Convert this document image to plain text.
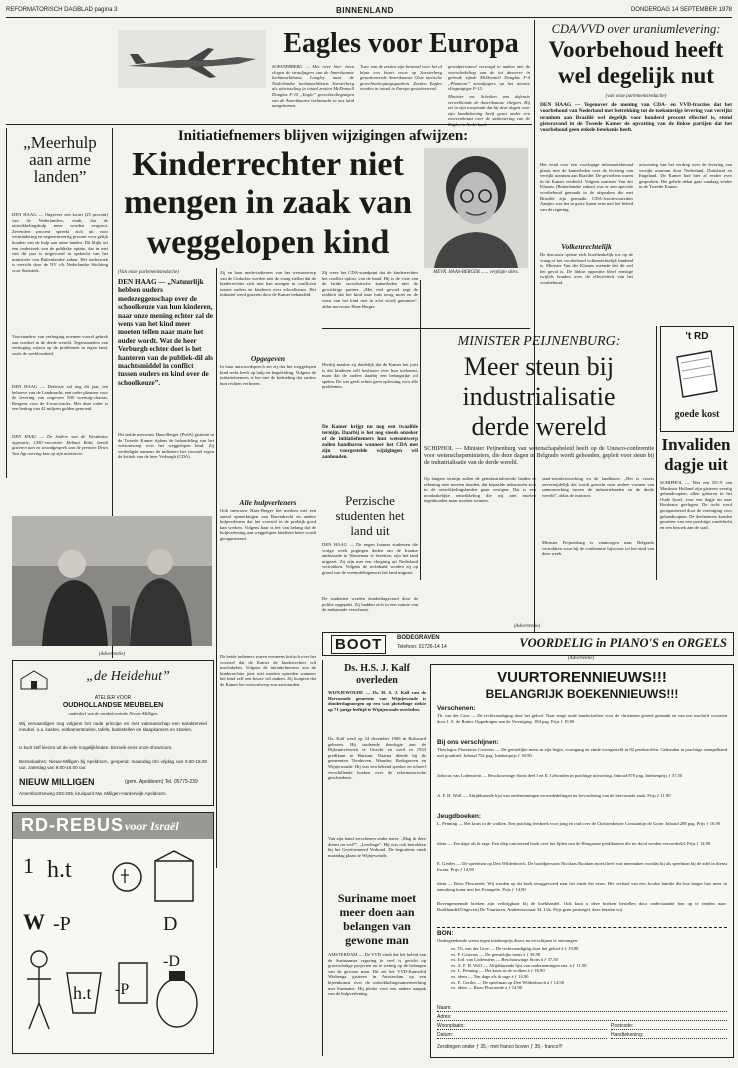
REFORMATORISCH DAGBLAD pagina 3	BINNENLAND	DONDERDAG 14 SEPTEMBER 1978
Eagles voor Europa
SOESTERBERG — Met twee hier- heen vlogen de straaljagers van de Amerikaanse luchtmachtbasis Langley naar de Nederlandse luchtmachtbasis Soesterberg als uitwisseling in totaal zestien McDonnell Douglas F-15 „Eagle” gevechtsvliegtuigen van de Amerikaanse luchtmacht in ons land aangekomen.
Twee van de zestien zijn bestemd voor het al bijna een kwart eeuw op Soesterberg gestationeerde Amerikaanse 32ste tactische gevechtsvliegtuigsquadron. Zestien Eagles worden in totaal in Europa gestationeerd.
grondpersoneel verzorgd te maken met de overschakeling van de tot dusverre in gebruik zijnde McDonnell Douglas F-4 „Phantom” straaljagers op het nieuwe vliegtuigtype F-15.
Minister mr. Scholten van defensie verwelkomde de Amerikaanse vliegers. Hij zei in zijn toespraak dat hij deze dagen voor zijn handtekening heeft gezet onder een overeenkomst over de stationering van de
CDA/VVD over uraniumlevering:
Voorbehoud heeft
wel degelijk nut
(van onze parlementsredactie)
DEN HAAG — Tegenover de mening van CDA- en VVD-fracties dat het voorbehoud van Nederland met betrekking tot de toekomstige levering van verrijkt uranium aan Brazilië wel degelijk voor honderd procent effectief is, stond gisteravond in de Tweede Kamer de opvatting van de linkse partijen dat het voorbehoud geen enkele betekenis heeft.
Het vond voor een voorlopige informatieberaad plaats met de kamerleden over de levering van verrijkt uranium aan Brazilië. De gevoelens waren in de Kamer verdeeld. Volgens minister Van der Klaauw (Buitenlandse zaken) was er een speciale voorbehoud gemaakt in de afspraken die met Brazilië zijn gemaakt. CDA-fractievoorzitter Aantjes was het in grote lijnen eens met het beleid van de regering.
Volkenrechtelijk
De discussie spitste zich hoofdzakelijk toe op de vraag of het voorbehoud volkenrechtelijk bindend is. Minister Van der Klaauw meende dat dit wel het geval is. De linkse oppositie bleef ernstige twijfels houden over de effectiviteit van het voorbehoud.
uitvoering van het verdrag over de levering van verrijkt uranium door Nederland, Duitsland en Engeland. De Kamer had hier al eerder over gesproken. Het gehele debat gaat vandaag verder in de Tweede Kamer.
„Meerhulp aan arme landen”
DEN HAAG — Ongeveer een kwart (25 procent) van de Nederlanders, vindt, dat de ontwikkelingshulp meer worden vergroot. Zeventien procent spreekt zich uit voor vermindering en negenenveertig procent voor gelijk houden van de hulp aan arme landen. Dit blijkt uit een onderzoek van de publieke opinie, dat in mei van dit jaar is uitgevoerd in opdracht van het ministerie van Buitenlandse zaken. Het onderzoek is verricht door de NV v/h Nederlandse Stichting voor Statistiek.
Voorstanders van verhoging noemen vooral gebrek aan voedsel in de derde wereld. Tegenstanders van verhoging wijzen op de problemen in eigen land, zoals de werkloosheid.
DEN HAAG — Defensie zal nog dit jaar, ten behoeve van de Landmacht, een order plaatsen voor de levering van ongeveer 500 voertuig-chassis. Reagens voor de 4-tons-trucks. Met deze order is een bedrag van 42 miljoen gulden gemoeid.
DEN HAAG — De leiders van de Westduitse oppositie, CDU-voorzitter Helmut Kohl, breidt gisteren aan en avondgesprek aan de premier Dries Van Agt ooreing kon op zijn ministerie.
Initiatiefnemers blijven wijzigingen afwijzen:
Kinderrechter niet
mengen in zaak van
weggelopen kind
(Van onze parlementsredactie)
DEN HAAG — „Natuurlijk hebben ouders medezeggenschap over de schoolkeuze van hun kinderen, naar onze mening echter zal de wens van het kind meer moeten tellen naar mate het ouder wordt. Wat de heer Verburgh echter doet is het hanteren van de publiek-dil als machtsmiddel in conflict tussen ouders en kind over de schoolkeuze”.
Dit stelde mevrouw Haas-Berger (PvdA) gisteren in de Tweede Kamer tijdens de behandeling van het wetsontwerp over het weggelopen kind. Zij verdedigde namens de indieners het voorstel tegen de kritiek van de heer Verburgh (CDA).
Zij en haar mede-indieners van het wetsontwerp van de Gedachte werden niet de vraag stellen dat de kinderrechter zich niet kan mengen in conflicten tussen ouders en kinderen over schoolkeuze. Het initiatief werd gisteren door de Kamer behandeld.
Opgegeven
In haar antwoordspeech zei zij dat het weggelopen kind recht heeft op hulp en begeleiding. Volgens de initiatiefnemers is het niet de bedoeling dat ouders hun rechten verliezen.
Zij wees het CDA-standpunt dat de kinderrechter het conflict oplost, van de hand. Hij is de visie van de beide socialistische kamerleden niet de gewichtige partner. „Met veel gevoel zegt de realiteit dat het kind naar huis terug moet en de wens van het kind niet in acht wordt genomen”, aldus mevrouw Haas-Berger.
Hierbij maakte zij duidelijk dat de Kamer het juist is dat kinderen zelf beslissen over hun toekomst, maar dat de ouders daarbij een belangrijke rol spelen. De wet geeft echter geen oplossing voor alle problemen.
De Kamer krijgt nu nog een twaalfde termijn. Daarbij is het nog steeds onzeker of de initiatiefnemers hun wetsontwerp zullen handhaven wanneer het CDA met zijn voorgestelde wijzigingen wil aanhouden.
Alle hulpverleners
Ook mevrouw Haas-Berger liet merken met een aantal opmerkingen van Barendrecht en andere hulpverleners dat het voorstel in de praktijk goed kan werken. Volgens haar is het van belang dat de hulpverlening aan weggelopen kinderen beter wordt georganiseerd.
De beide indieners waren eveneens kritisch over het voorstel dat de Kamer de kinderrechter wil inschakelen. Volgens de initiatiefnemers zou de kinderrechter juist niet moeten optreden wanneer het kind zelf een keuze wil maken. Zij hoopten dat de Kamer het wetsontwerp zou aanvaarden.
MEVR. HAAS-BERGER ...... verpligte stiles.
(Advertentie)
„de Heidehut”
ATELIER VOOR
OUDHOLLANDSE MEUBELEN
onderdeel van de meubelcentrale Nieuw-Milligen
Wij vervaardigen nog volgens het oude principe en met vakmanschap een karakterveel meubel, o.a. kasten, eetkamerstoelen, tafels, bankstellen en slaapkamers en stoelen.
U kunt zelf kiezen uit de vele mogelijkheden. Bezoek eens onze showroom.
Bezoekadres: Nieuw-Milligen bij Apeldoorn, geopend: maandag t/m vrijdag van 9.00-18.00 uur, zaterdag van 9.00-16.00 uur.
NIEUW MILLIGEN	(gem. Apeldoorn) Tel. 05775-239
Amersfoortseweg 203-205, kruispunt Nw. Milligen-Harderwijk-Apeldoorn.
RD-REBUS voor Israël
1 h.t
W -P	D
h.t -P
-D
MINISTER PEIJNENBURG:
Meer steun bij
industrialisatie
derde wereld
SCHIPHOL — Minister Peijnenburg van wetenschapsbeleid heeft op de Unesco-conferentie voor wetenschapsministers, die deze dagen in Belgrado wordt gehouden, gepleit voor steun bij de industrialisatie van de derde wereld.
Op langere termijn zullen de geïndustrialiseerde landen er rekening mee moeten houden, dat bepaalde industrieën zich in de ontwikkelingslanden gaan vestigen. Dat is een noodzakelijke ontwikkeling die wij niet moeten tegenhouden maar moeten steunen.
staal-metalverwerking en de landbouw. „Het is voorts onvermijdelijk dat wordt gezocht naar andere vormen van samenwerking tussen de industrielanden en de derde wereld”, aldus de minister.
Minister Peijnenburg is vanmorgen naar Belgrado vertrokken waar hij de conferentie bijwoont tot het eind van deze week.
Perzische
studenten het
land uit
DEN HAAG — De negen Iraanse studenten die vorige week pogingen deden om de Iraanse ambassade in Wassenaar te bezetten, zijn het land uitgezet. Zij zijn met een vliegtuig uit Nederland vertrokken. Volgens de rechtbank werden zij op grond van de vreemdelingenwet het land uitgezet.
De studenten werden donderdagavond door de politie opgepakt. Zij hadden zich in een ruimte van de ambassade verschanst.
't RD
goede kost
Invaliden
dagje uit
SCHIPHOL — Met een DC-9 van Martinair Holland zijn gisteren veertig gehandicapten, allen geboren in het Oude Ijssel, voor een dagje uit naar Bordeaux gevlogen. De tocht werd georganiseerd door de vereniging voor gehandicapten. De deelnemers konden genieten van een prachtige rondvlucht en een bezoek aan de stad.
(Advertentie)
BOOT	BODEGRAVEN
Telefoon: 01726-14 14	VOORDELIG in PIANO'S en ORGELS
Ds. H.S. J. Kalf
overleden
WIJNJEWOUDE — Ds. H. S. J. Kalf van de Hervormde gemeente van Wijnjewoude is donderdagmorgen op een wat plotselinge ziekte op 71-jarige leeftijd te Wijnjewoude overleden.
Ds. Kalf werd op 24 december 1906 in Bolsward geboren. Hij studeerde theologie aan de Rijksuniversiteit te Utrecht en werd in 1933 predikant te Huizum. Daarna diende hij de gemeenten Tienhoven, Waarder, Bodegraven en Wijnjewoude. Hij was een bekend spreker en schreef verschillende boeken over de reformatorische geschiedenis.
Van zijn hand verschenen onder meer: „Mag ik deze dienst nu wel?”, „Leerlinge”. Hij was ook betrokken bij het Gereformeerd Verbond. De begrafenis vindt maandag plaats te Wijnjewoude.
Suriname moet
meer doen aan
belangen van
gewone man
AMSTERDAM — De VVD vindt dat het beleid van de Surinaamse regering te veel is gericht op grootschalige projecten en te weinig op de belangen van de gewone man. Dit zei het VVD-Kamerlid Wiebenga gisteren in Amsterdam op een bijeenkomst over de ontwikkelingssamenwerking met Suriname. Hij pleitte voor een andere aanpak van de hulpverlening.
(Advertentie)
VUURTORENNIEUWS!!!
BELANGRIJK BOEKENNIEUWS!!!
Verschenen:
Th. van der Groe — De rechtvaardiging door het geloof. Naar enige oude handschriften voor de christenen gereed gemaakt en van een inschrift voorzien door J. A. de Ruiter. Opgedragen aan de Vereniging. 184 pag. Prijs ƒ 19,90
Bij ons verschijnen:
Theologia: Florentius Costerus — De geestelijke mens in zijn begin, voortgang en einde voorgesteld in 82 preekstoffen. Gebonden in prachtige stempelband met goudtitel. Inhoud 752 pag. Intekenprijs ƒ 39,90.
Jodocus van Lodenstein — Beschouwinge Sions deel I en II. Gebonden in prachtige uitvoering. Inhoud 870 pag. Intekenprijs ƒ 37,50
A. F. H. Wolf — Altijddurende lijst van ondernemingen en mededelingen ter bevordering van de hervormde zaak. Prijs ƒ 11,90
Jeugdboeken:
L. Penning — Het kruis in de wolken. Een prachtig leesboek voor jong en oud over de Christenkeizer Constantijn de Grote. Inhoud 288 pag. Prijs ƒ 16,90
idem — Ten dage als ik rage. Een diep ontroerend boek over het lijden van de Hongaarse predikanten die ter dood werden veroordeeld. Prijs ƒ 14,90
E. Gerdes — De speelman op Den Wildenborch. De hoofdpersoon Nicolaas Roodam moest heel wat meemaken voordat hij als speelman bij de adel in dienst kwam. Prijs ƒ 14,90
idem — Rozo Fluwaerde. Wij worden op dit boek teruggevoerd naar het einde der eeuw. Het verhaal van een Joodse familie die hoe langer hoe meer in aanraking komt met het Evangelie. Prijs ƒ 14,90
Bovengenoemde boeken zijn verkrijgbaar bij de boekhandel. Ook kunt u deze boeken bestellen door onderstaande bon op te zenden naar: Boekhandel/Uitgeverij De Vuurtoren, Amhemsestraat 34, Urk. Prijs geen postzegel, deze betalen wij.
BON:
Ondergetekende wenst tegen intekenprijs direct na verschijnen te ontvangen:
ex. Th. van der Groe — De rechtvaardiging door het geloof à ƒ 19,90
ex. F. Costerus — De geestelijke mens à ƒ 39,90
ex. Jod. van Lodenstein — Beschouwinge Sions à ƒ 37,50
ex. A. F. H. Wolf — Altijddurende lijst van ondernemingen enz. à ƒ 11,90
ex. L. Penning — Het kruis in de wolken à ƒ 16,90
ex. idem — Ten dage als ik rage à ƒ 14,90
ex. E. Gerdes — De speelman op Den Wildenborch à ƒ 14,90
ex. idem — Rozo Fluwaerde à ƒ 14,90
Naam:
Adres:
Woonplaats:	Postcode:
Datum:	Handtekening:
Zendingen onder ƒ 35,- met franco boven ƒ 35,- franco!!!
